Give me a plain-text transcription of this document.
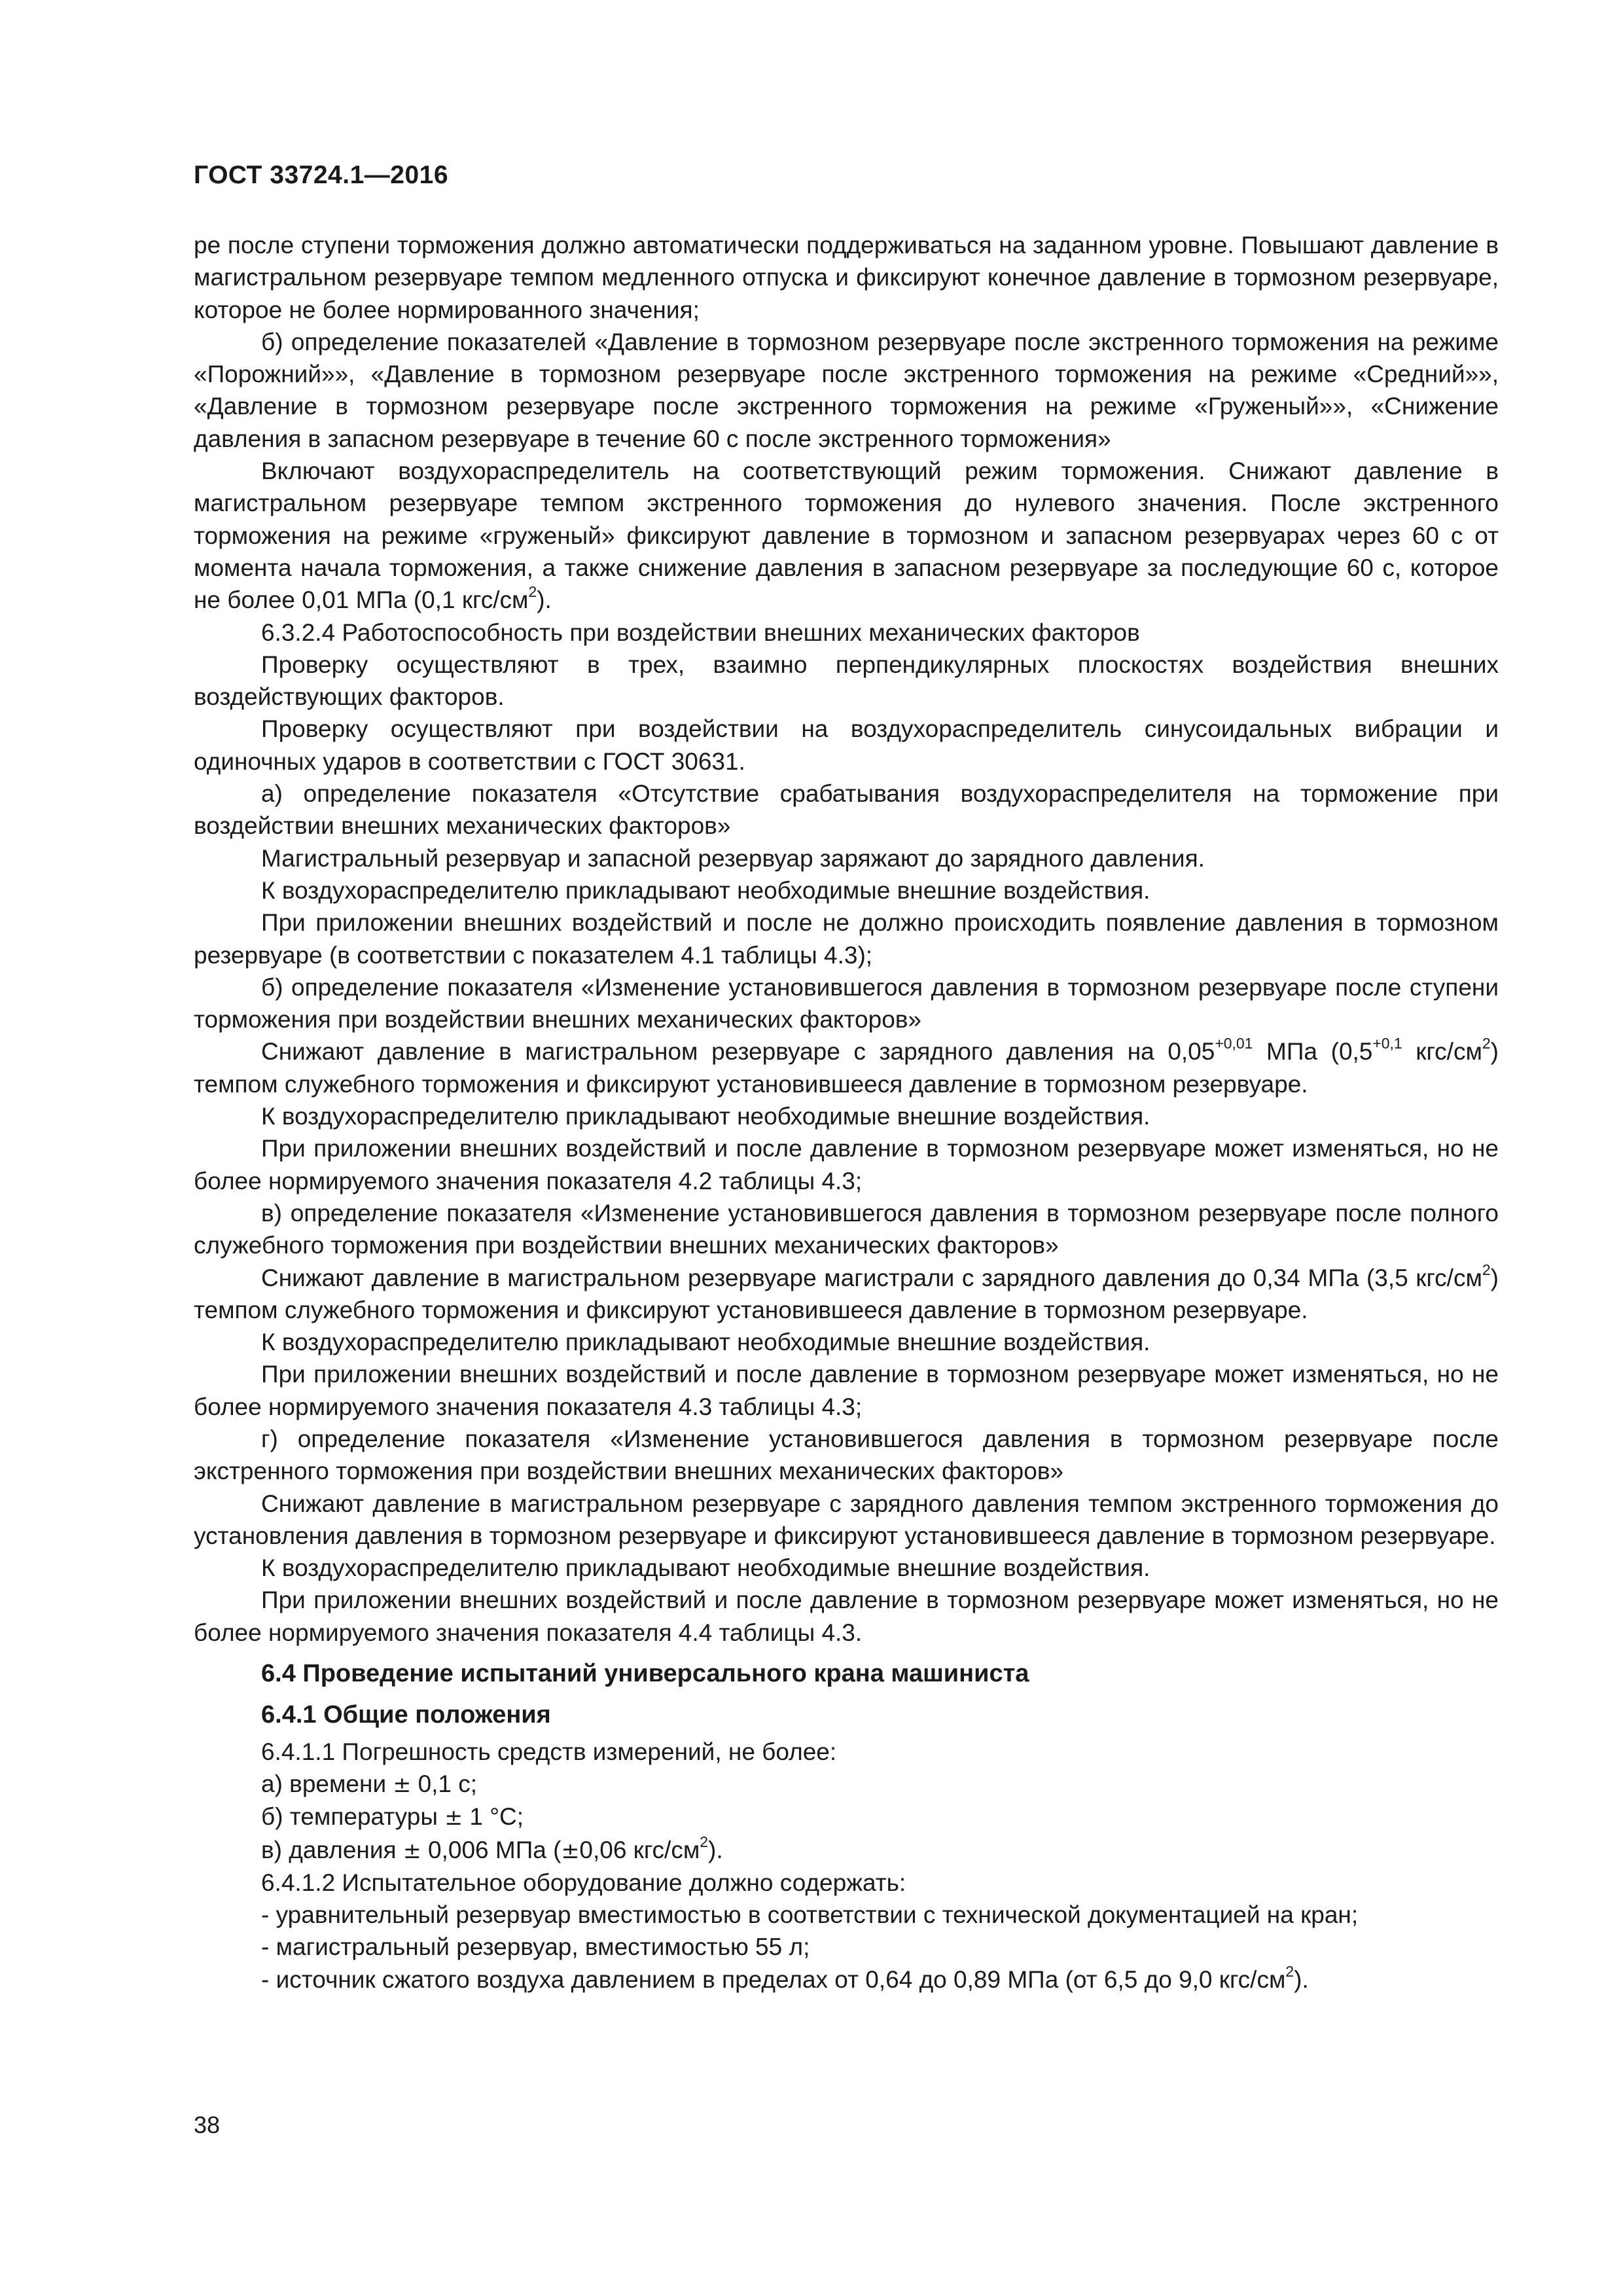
ГОСТ 33724.1—2016

ре после ступени торможения должно автоматически поддерживаться на заданном уровне. Повышают давление в магистральном резервуаре темпом медленного отпуска и фиксируют конечное давление в тормозном резервуаре, которое не более нормированного значения;

б) определение показателей «Давление в тормозном резервуаре после экстренного торможения на режиме «Порожний»», «Давление в тормозном резервуаре после экстренного торможения на режиме «Средний»», «Давление в тормозном резервуаре после экстренного торможения на режиме «Груженый»», «Снижение давления в запасном резервуаре в течение 60 с после экстренного торможения»

Включают воздухораспределитель на соответствующий режим торможения. Снижают давление в магистральном резервуаре темпом экстренного торможения до нулевого значения. После экстренного торможения на режиме «груженый» фиксируют давление в тормозном и запасном резервуарах через 60 с от момента начала торможения, а также снижение давления в запасном резервуаре за последующие 60 с, которое не более 0,01 МПа (0,1 кгс/$см^2$).

6.3.2.4 Работоспособность при воздействии внешних механических факторов

Проверку осуществляют в трех, взаимно перпендикулярных плоскостях воздействия внешних воздействующих факторов.

Проверку осуществляют при воздействии на воздухораспределитель синусоидальных вибрации и одиночных ударов в соответствии с ГОСТ 30631.

а) определение показателя «Отсутствие срабатывания воздухораспределителя на торможение при воздействии внешних механических факторов»

Магистральный резервуар и запасной резервуар заряжают до зарядного давления.

К воздухораспределителю прикладывают необходимые внешние воздействия.

При приложении внешних воздействий и после не должно происходить появление давления в тормозном резервуаре (в соответствии с показателем 4.1 таблицы 4.3);

б) определение показателя «Изменение установившегося давления в тормозном резервуаре после ступени торможения при воздействии внешних механических факторов»

Снижают давление в магистральном резервуаре с зарядного давления на $0,05^{+0,01}$ МПа ($0,5^{+0,1}$ кгс/$см^2$) темпом служебного торможения и фиксируют установившееся давление в тормозном резервуаре.

К воздухораспределителю прикладывают необходимые внешние воздействия.

При приложении внешних воздействий и после давление в тормозном резервуаре может изменяться, но не более нормируемого значения показателя 4.2 таблицы 4.3;

в) определение показателя «Изменение установившегося давления в тормозном резервуаре после полного служебного торможения при воздействии внешних механических факторов»

Снижают давление в магистральном резервуаре магистрали с зарядного давления до 0,34 МПа (3,5 кгс/$см^2$) темпом служебного торможения и фиксируют установившееся давление в тормозном резервуаре.

К воздухораспределителю прикладывают необходимые внешние воздействия.

При приложении внешних воздействий и после давление в тормозном резервуаре может изменяться, но не более нормируемого значения показателя 4.3 таблицы 4.3;

г) определение показателя «Изменение установившегося давления в тормозном резервуаре после экстренного торможения при воздействии внешних механических факторов»

Снижают давление в магистральном резервуаре с зарядного давления темпом экстренного торможения до установления давления в тормозном резервуаре и фиксируют установившееся давление в тормозном резервуаре.

К воздухораспределителю прикладывают необходимые внешние воздействия.

При приложении внешних воздействий и после давление в тормозном резервуаре может изменяться, но не более нормируемого значения показателя 4.4 таблицы 4.3.

6.4 Проведение испытаний универсального крана машиниста

6.4.1 Общие положения

6.4.1.1 Погрешность средств измерений, не более:

а) времени ± 0,1 с;

б) температуры ± 1 °С;

в) давления ± 0,006 МПа (±0,06 кгс/$см^2$).

6.4.1.2 Испытательное оборудование должно содержать:

- уравнительный резервуар вместимостью в соответствии с технической документацией на кран;

- магистральный резервуар, вместимостью 55 л;

- источник сжатого воздуха давлением в пределах от 0,64 до 0,89 МПа (от 6,5 до 9,0 кгс/$см^2$).

38
